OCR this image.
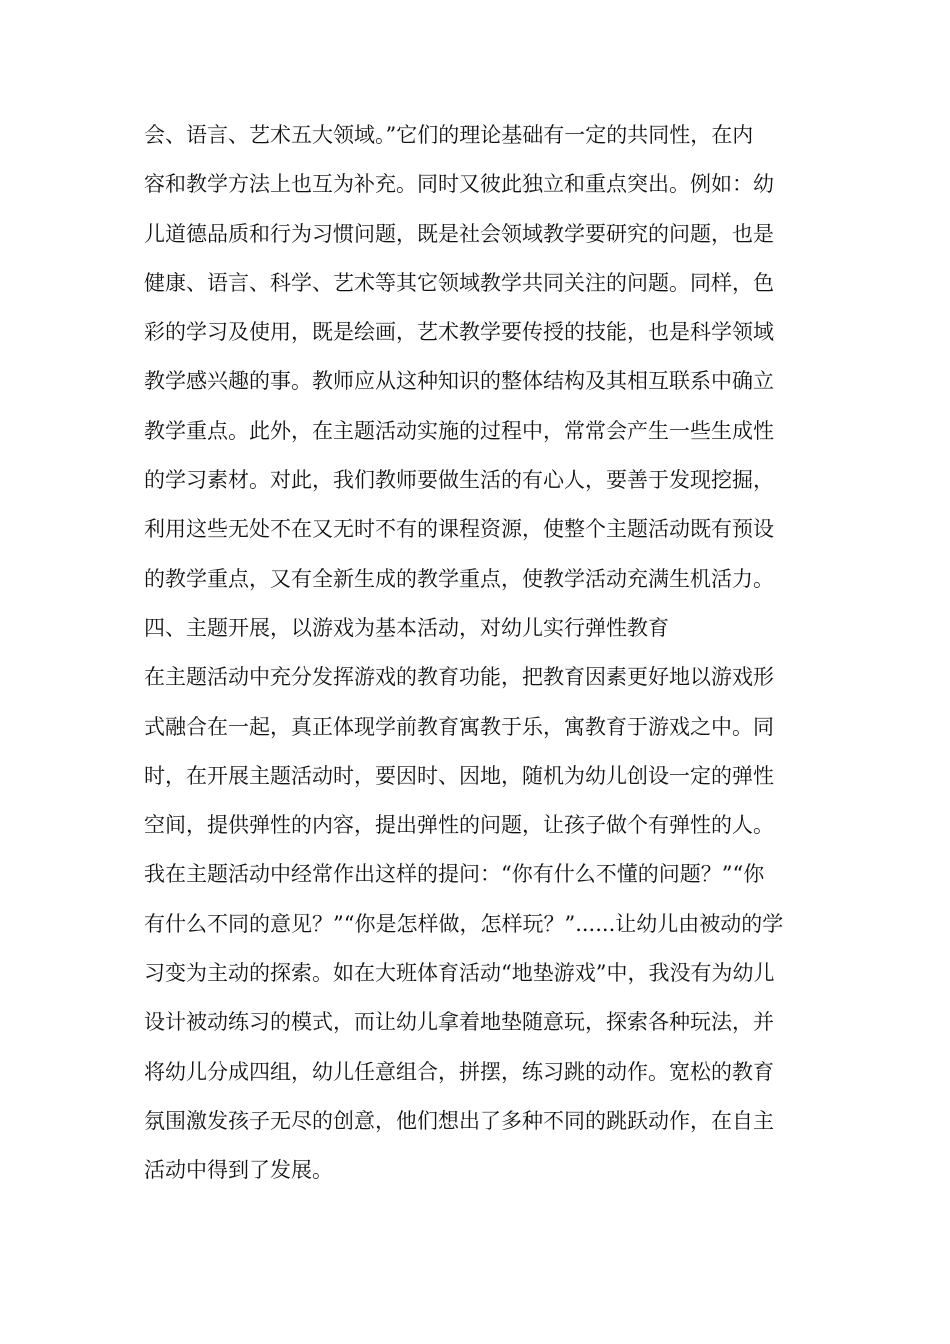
会、语言、艺术五大领域。”它们的理论基础有一定的共同性，在内
容和教学方法上也互为补充。同时又彼此独立和重点突出。例如：幼
儿道德品质和行为习惯问题，既是社会领域教学要研究的问题，也是
健康、语言、科学、艺术等其它领域教学共同关注的问题。同样，色
彩的学习及使用，既是绘画，艺术教学要传授的技能，也是科学领域
教学感兴趣的事。教师应从这种知识的整体结构及其相互联系中确立
教学重点。此外，在主题活动实施的过程中，常常会产生一些生成性
的学习素材。对此，我们教师要做生活的有心人，要善于发现挖掘，
利用这些无处不在又无时不有的课程资源，使整个主题活动既有预设
的教学重点，又有全新生成的教学重点，使教学活动充满生机活力。
四、主题开展，以游戏为基本活动，对幼儿实行弹性教育
在主题活动中充分发挥游戏的教育功能，把教育因素更好地以游戏形
式融合在一起，真正体现学前教育寓教于乐，寓教育于游戏之中。同
时，在开展主题活动时，要因时、因地，随机为幼儿创设一定的弹性
空间，提供弹性的内容，提出弹性的问题，让孩子做个有弹性的人。
我在主题活动中经常作出这样的提问：“你有什么不懂的问题？”“你
有什么不同的意见？”“你是怎样做，怎样玩？”......让幼儿由被动的学
习变为主动的探索。如在大班体育活动“地垫游戏”中，我没有为幼儿
设计被动练习的模式，而让幼儿拿着地垫随意玩，探索各种玩法，并
将幼儿分成四组，幼儿任意组合，拼摆，练习跳的动作。宽松的教育
氛围激发孩子无尽的创意，他们想出了多种不同的跳跃动作，在自主
活动中得到了发展。
